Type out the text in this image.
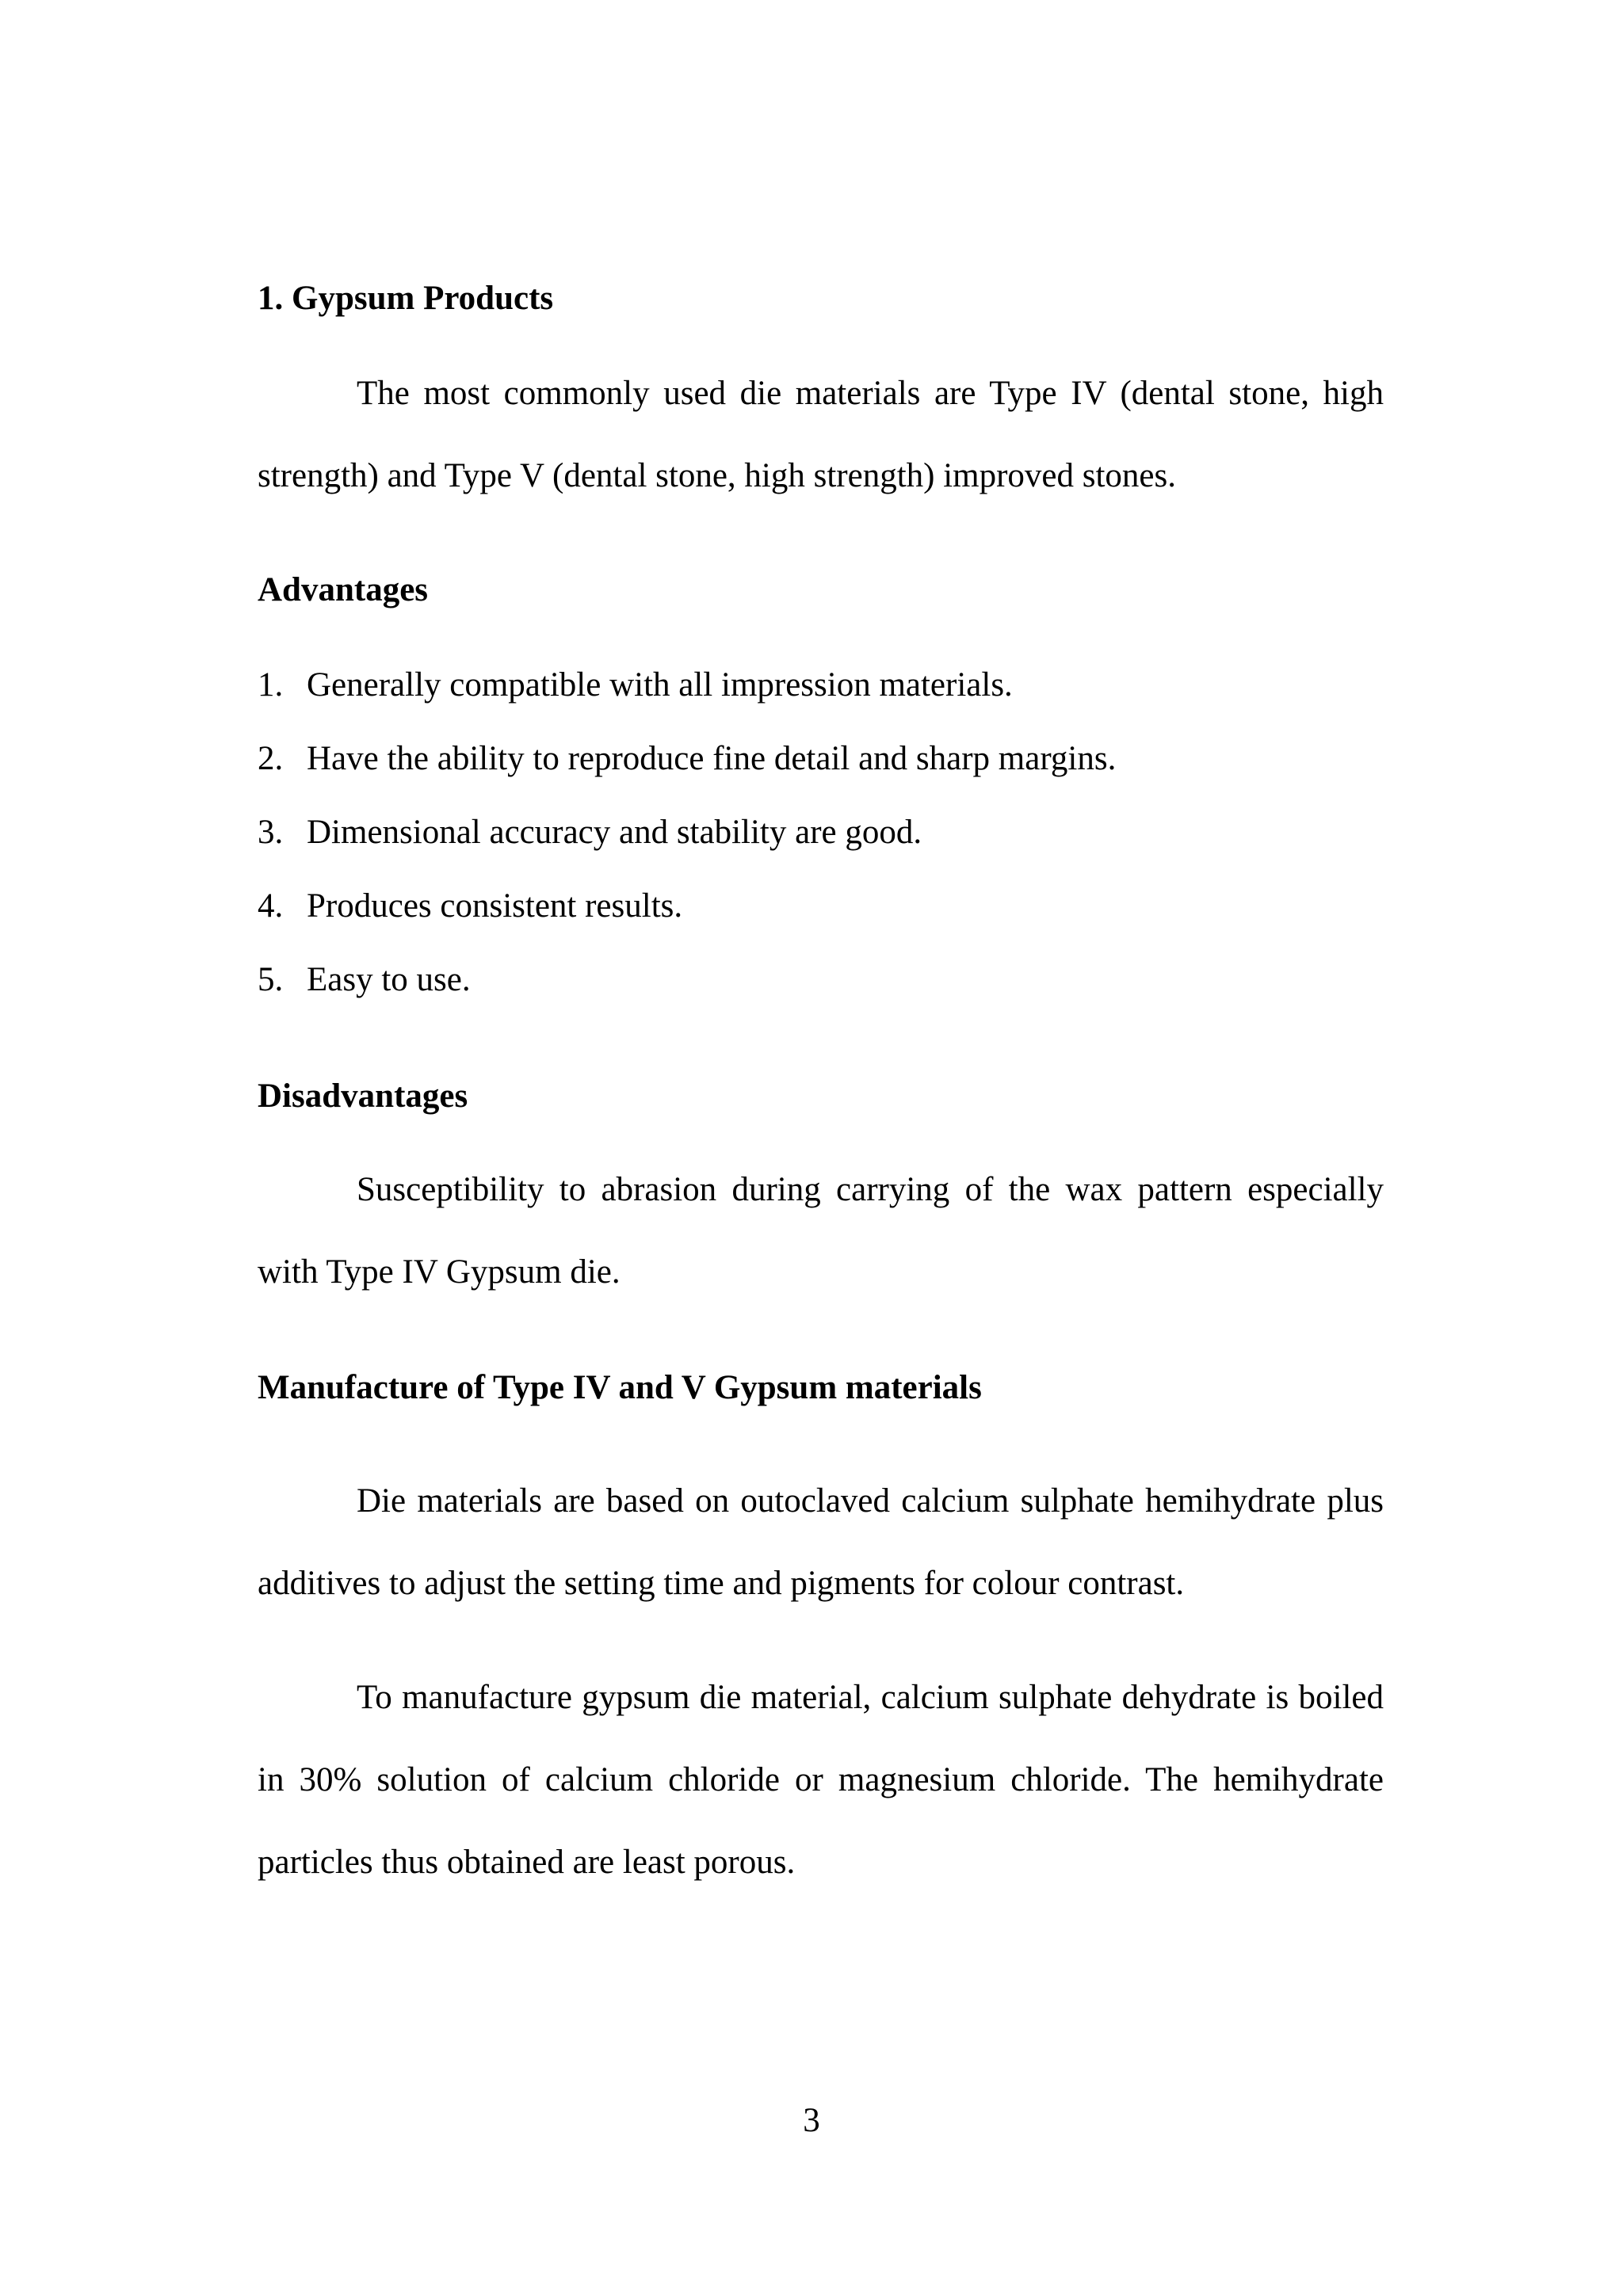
1. Gypsum Products

The most commonly used die materials are Type IV (dental stone, high strength) and Type V (dental stone, high strength) improved stones.

Advantages
1. Generally compatible with all impression materials.
2. Have the ability to reproduce fine detail and sharp margins.
3. Dimensional accuracy and stability are good.
4. Produces consistent results.
5. Easy to use.
Disadvantages

Susceptibility to abrasion during carrying of the wax pattern especially with Type IV Gypsum die.

Manufacture of Type IV and V Gypsum materials

Die materials are based on outoclaved calcium sulphate hemihydrate plus additives to adjust the setting time and pigments for colour contrast.

To manufacture gypsum die material, calcium sulphate dehydrate is boiled in 30% solution of calcium chloride or magnesium chloride. The hemihydrate particles thus obtained are least porous.

3
